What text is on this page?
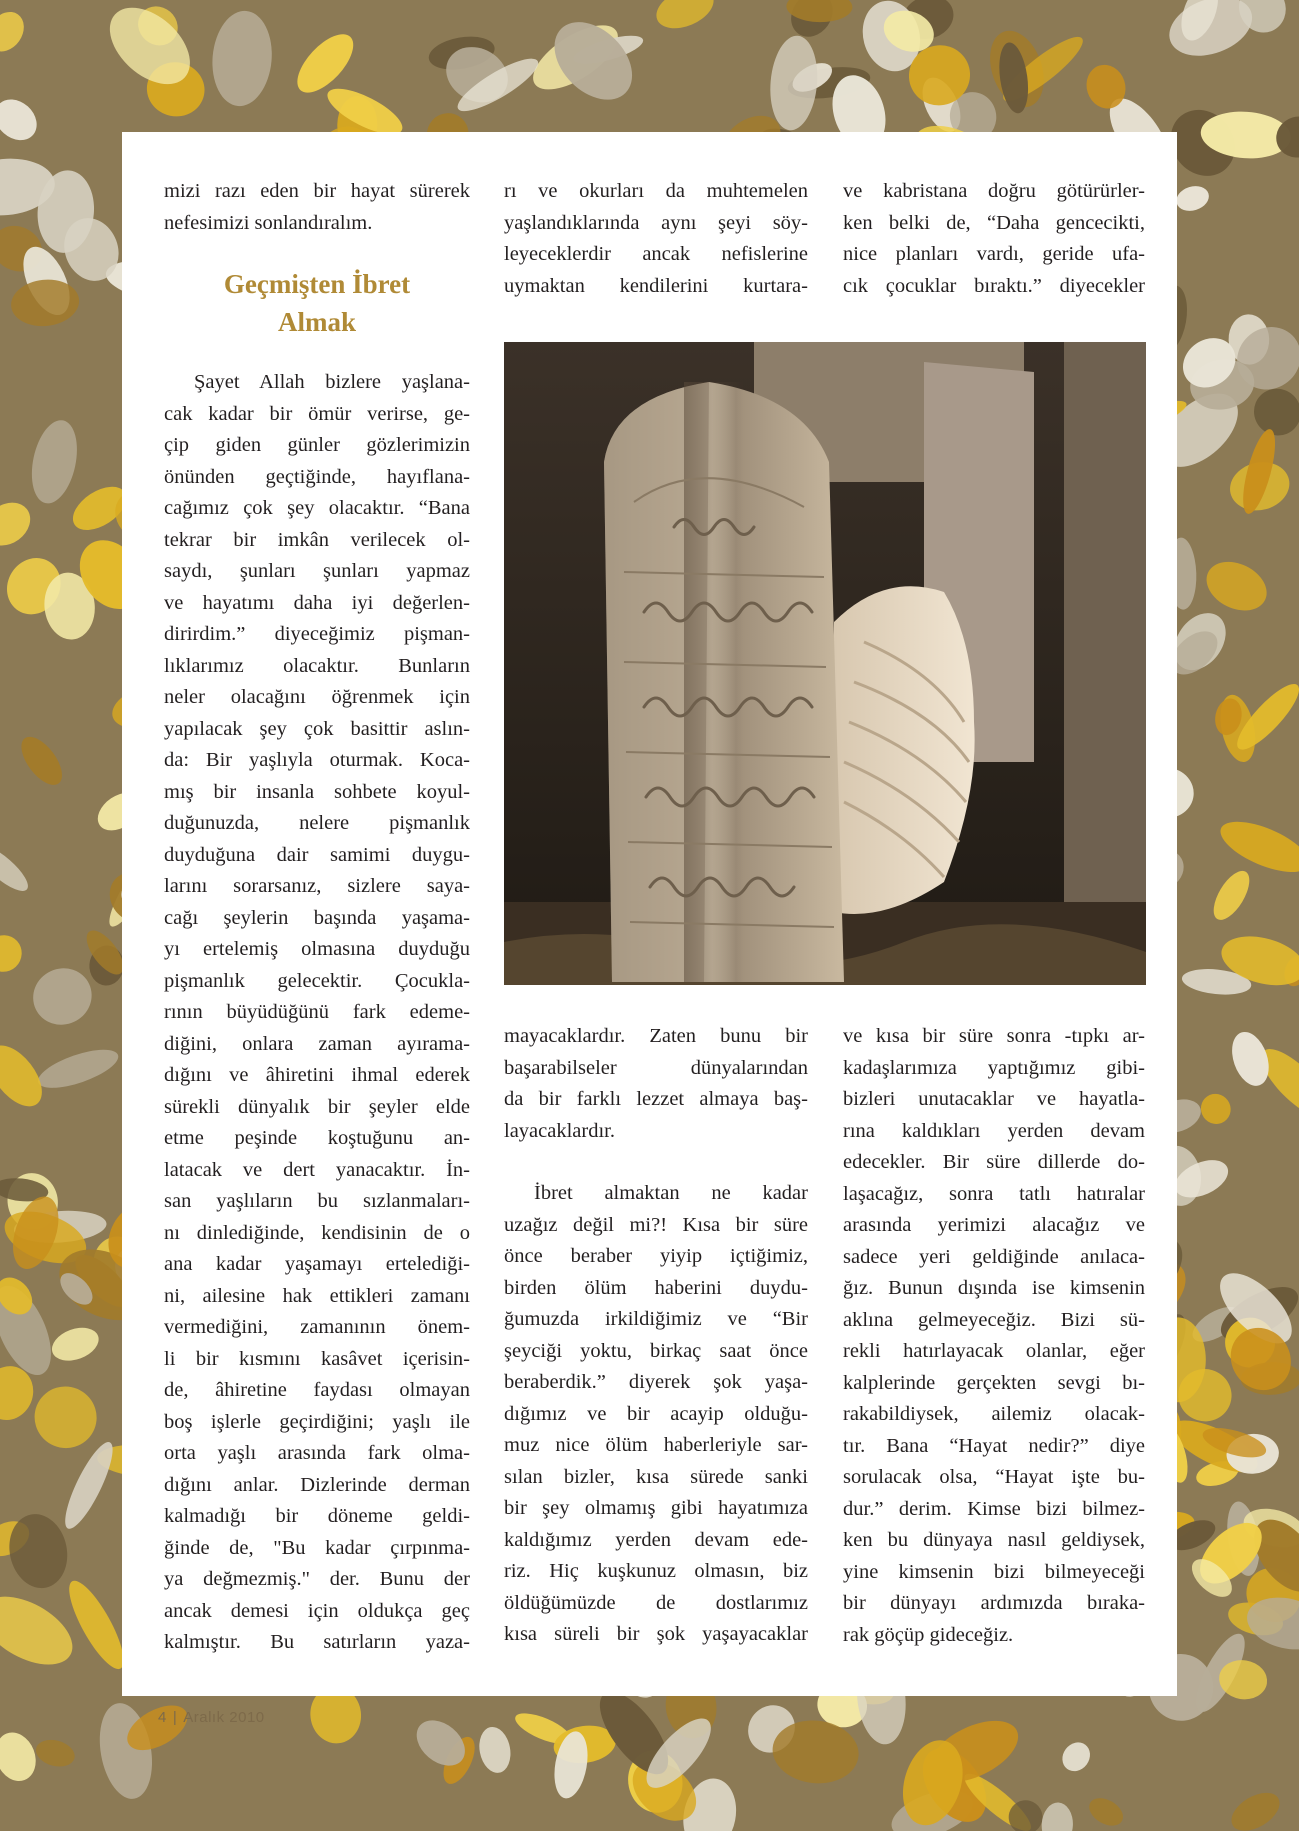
mizi razı eden bir hayat sürerek

nefesimizi sonlandıralım.

Geçmişten İbret
Almak

Şayet Allah bizlere yaşlana-

cak kadar bir ömür verirse, ge-

çip giden günler gözlerimizin

önünden geçtiğinde, hayıflana-

cağımız çok şey olacaktır. “Bana

tekrar bir imkân verilecek ol-

saydı, şunları şunları yapmaz

ve hayatımı daha iyi değerlen-

dirirdim.” diyeceğimiz pişman-

lıklarımız olacaktır. Bunların

neler olacağını öğrenmek için

yapılacak şey çok basittir aslın-

da: Bir yaşlıyla oturmak. Koca-

mış bir insanla sohbete koyul-

duğunuzda, nelere pişmanlık

duyduğuna dair samimi duygu-

larını sorarsanız, sizlere saya-

cağı şeylerin başında yaşama-

yı ertelemiş olmasına duyduğu

pişmanlık gelecektir. Çocukla-

rının büyüdüğünü fark edeme-

diğini, onlara zaman ayırama-

dığını ve âhiretini ihmal ederek

sürekli dünyalık bir şeyler elde

etme peşinde koştuğunu an-

latacak ve dert yanacaktır. İn-

san yaşlıların bu sızlanmaları-

nı dinlediğinde, kendisinin de o

ana kadar yaşamayı ertelediği-

ni, ailesine hak ettikleri zamanı

vermediğini, zamanının önem-

li bir kısmını kasâvet içerisin-

de, âhiretine faydası olmayan

boş işlerle geçirdiğini; yaşlı ile

orta yaşlı arasında fark olma-

dığını anlar. Dizlerinde derman

kalmadığı bir döneme geldi-

ğinde de, "Bu kadar çırpınma-

ya değmezmiş." der. Bunu der

ancak demesi için oldukça geç

kalmıştır. Bu satırların yaza-

rı ve okurları da muhtemelen

yaşlandıklarında aynı şeyi söy-

leyeceklerdir ancak nefislerine

uymaktan kendilerini kurtara-

ve kabristana doğru götürürler-

ken belki de, “Daha gencecikti,

nice planları vardı, geride ufa-

cık çocuklar bıraktı.” diyecekler

mayacaklardır. Zaten bunu bir

başarabilseler dünyalarından

da bir farklı lezzet almaya baş-

layacaklardır.

İbret almaktan ne kadar

uzağız değil mi?! Kısa bir süre

önce beraber yiyip içtiğimiz,

birden ölüm haberini duydu-

ğumuzda irkildiğimiz ve “Bir

şeyciği yoktu, birkaç saat önce

beraberdik.” diyerek şok yaşa-

dığımız ve bir acayip olduğu-

muz nice ölüm haberleriyle sar-

sılan bizler, kısa sürede sanki

bir şey olmamış gibi hayatımıza

kaldığımız yerden devam ede-

riz. Hiç kuşkunuz olmasın, biz

öldüğümüzde de dostlarımız

kısa süreli bir şok yaşayacaklar

ve kısa bir süre sonra -tıpkı ar-

kadaşlarımıza yaptığımız gibi-

bizleri unutacaklar ve hayatla-

rına kaldıkları yerden devam

edecekler. Bir süre dillerde do-

laşacağız, sonra tatlı hatıralar

arasında yerimizi alacağız ve

sadece yeri geldiğinde anılaca-

ğız. Bunun dışında ise kimsenin

aklına gelmeyeceğiz. Bizi sü-

rekli hatırlayacak olanlar, eğer

kalplerinde gerçekten sevgi bı-

rakabildiysek, ailemiz olacak-

tır. Bana “Hayat nedir?” diye

sorulacak olsa, “Hayat işte bu-

dur.” derim. Kimse bizi bilmez-

ken bu dünyaya nasıl geldiysek,

yine kimsenin bizi bilmeyeceği

bir dünyayı ardımızda bıraka-

rak göçüp gideceğiz.

4 | Aralık 2010
